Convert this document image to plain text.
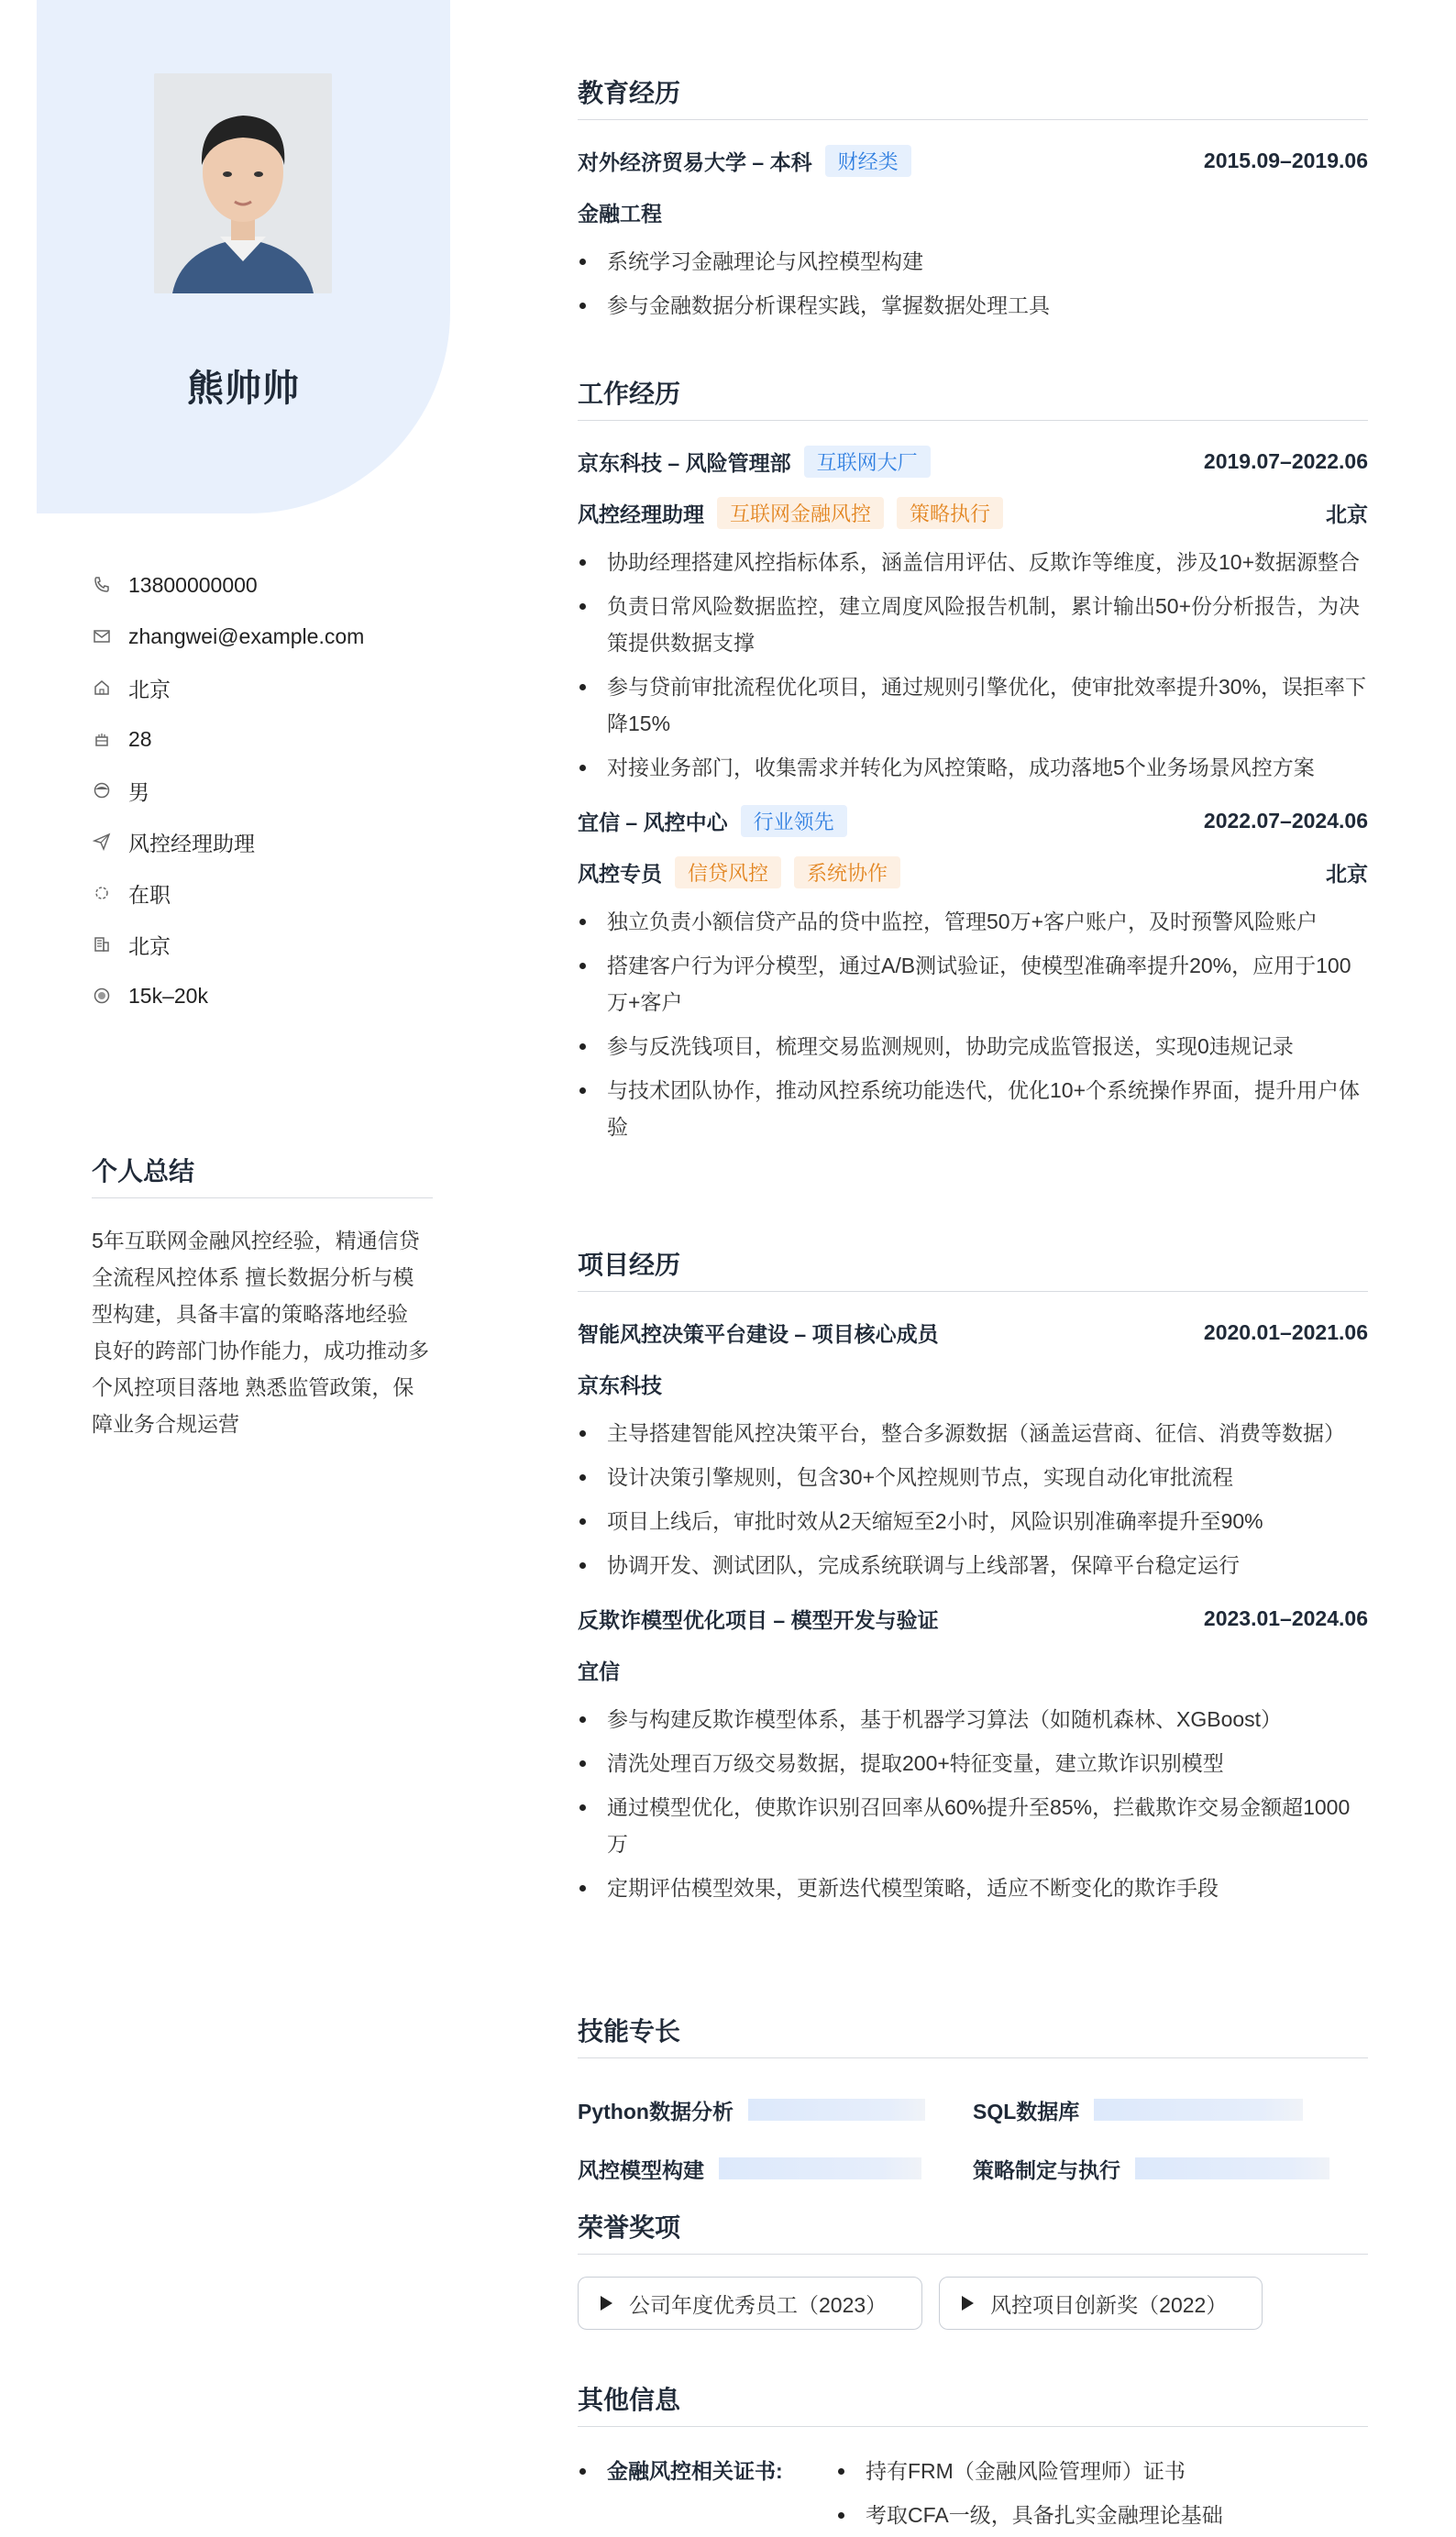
熊帅帅
13800000000
zhangwei@example.com
北京
28
男
风控经理助理
在职
北京
15k–20k
个人总结
5年互联网金融风控经验，精通信贷全流程风控体系 擅长数据分析与模型构建，具备丰富的策略落地经验 良好的跨部门协作能力，成功推动多个风控项目落地 熟悉监管政策，保障业务合规运营
教育经历
对外经济贸易大学 – 本科	财经类	2015.09–2019.06
金融工程
系统学习金融理论与风控模型构建
参与金融数据分析课程实践，掌握数据处理工具
工作经历
京东科技 – 风险管理部	互联网大厂	2019.07–2022.06
风控经理助理	互联网金融风控	策略执行	北京
协助经理搭建风控指标体系，涵盖信用评估、反欺诈等维度，涉及10+数据源整合
负责日常风险数据监控，建立周度风险报告机制，累计输出50+份分析报告，为决策提供数据支撑
参与贷前审批流程优化项目，通过规则引擎优化，使审批效率提升30%，误拒率下降15%
对接业务部门，收集需求并转化为风控策略，成功落地5个业务场景风控方案
宜信 – 风控中心	行业领先	2022.07–2024.06
风控专员	信贷风控	系统协作	北京
独立负责小额信贷产品的贷中监控，管理50万+客户账户，及时预警风险账户
搭建客户行为评分模型，通过A/B测试验证，使模型准确率提升20%，应用于100万+客户
参与反洗钱项目，梳理交易监测规则，协助完成监管报送，实现0违规记录
与技术团队协作，推动风控系统功能迭代，优化10+个系统操作界面，提升用户体验
项目经历
智能风控决策平台建设 – 项目核心成员	2020.01–2021.06
京东科技
主导搭建智能风控决策平台，整合多源数据（涵盖运营商、征信、消费等数据）
设计决策引擎规则，包含30+个风控规则节点，实现自动化审批流程
项目上线后，审批时效从2天缩短至2小时，风险识别准确率提升至90%
协调开发、测试团队，完成系统联调与上线部署，保障平台稳定运行
反欺诈模型优化项目 – 模型开发与验证	2023.01–2024.06
宜信
参与构建反欺诈模型体系，基于机器学习算法（如随机森林、XGBoost）
清洗处理百万级交易数据，提取200+特征变量，建立欺诈识别模型
通过模型优化，使欺诈识别召回率从60%提升至85%，拦截欺诈交易金额超1000万
定期评估模型效果，更新迭代模型策略，适应不断变化的欺诈手段
技能专长
Python数据分析	SQL数据库
风控模型构建	策略制定与执行
荣誉奖项
公司年度优秀员工（2023）	风控项目创新奖（2022）
其他信息
金融风控相关证书:	持有FRM（金融风险管理师）证书
考取CFA一级，具备扎实金融理论基础
